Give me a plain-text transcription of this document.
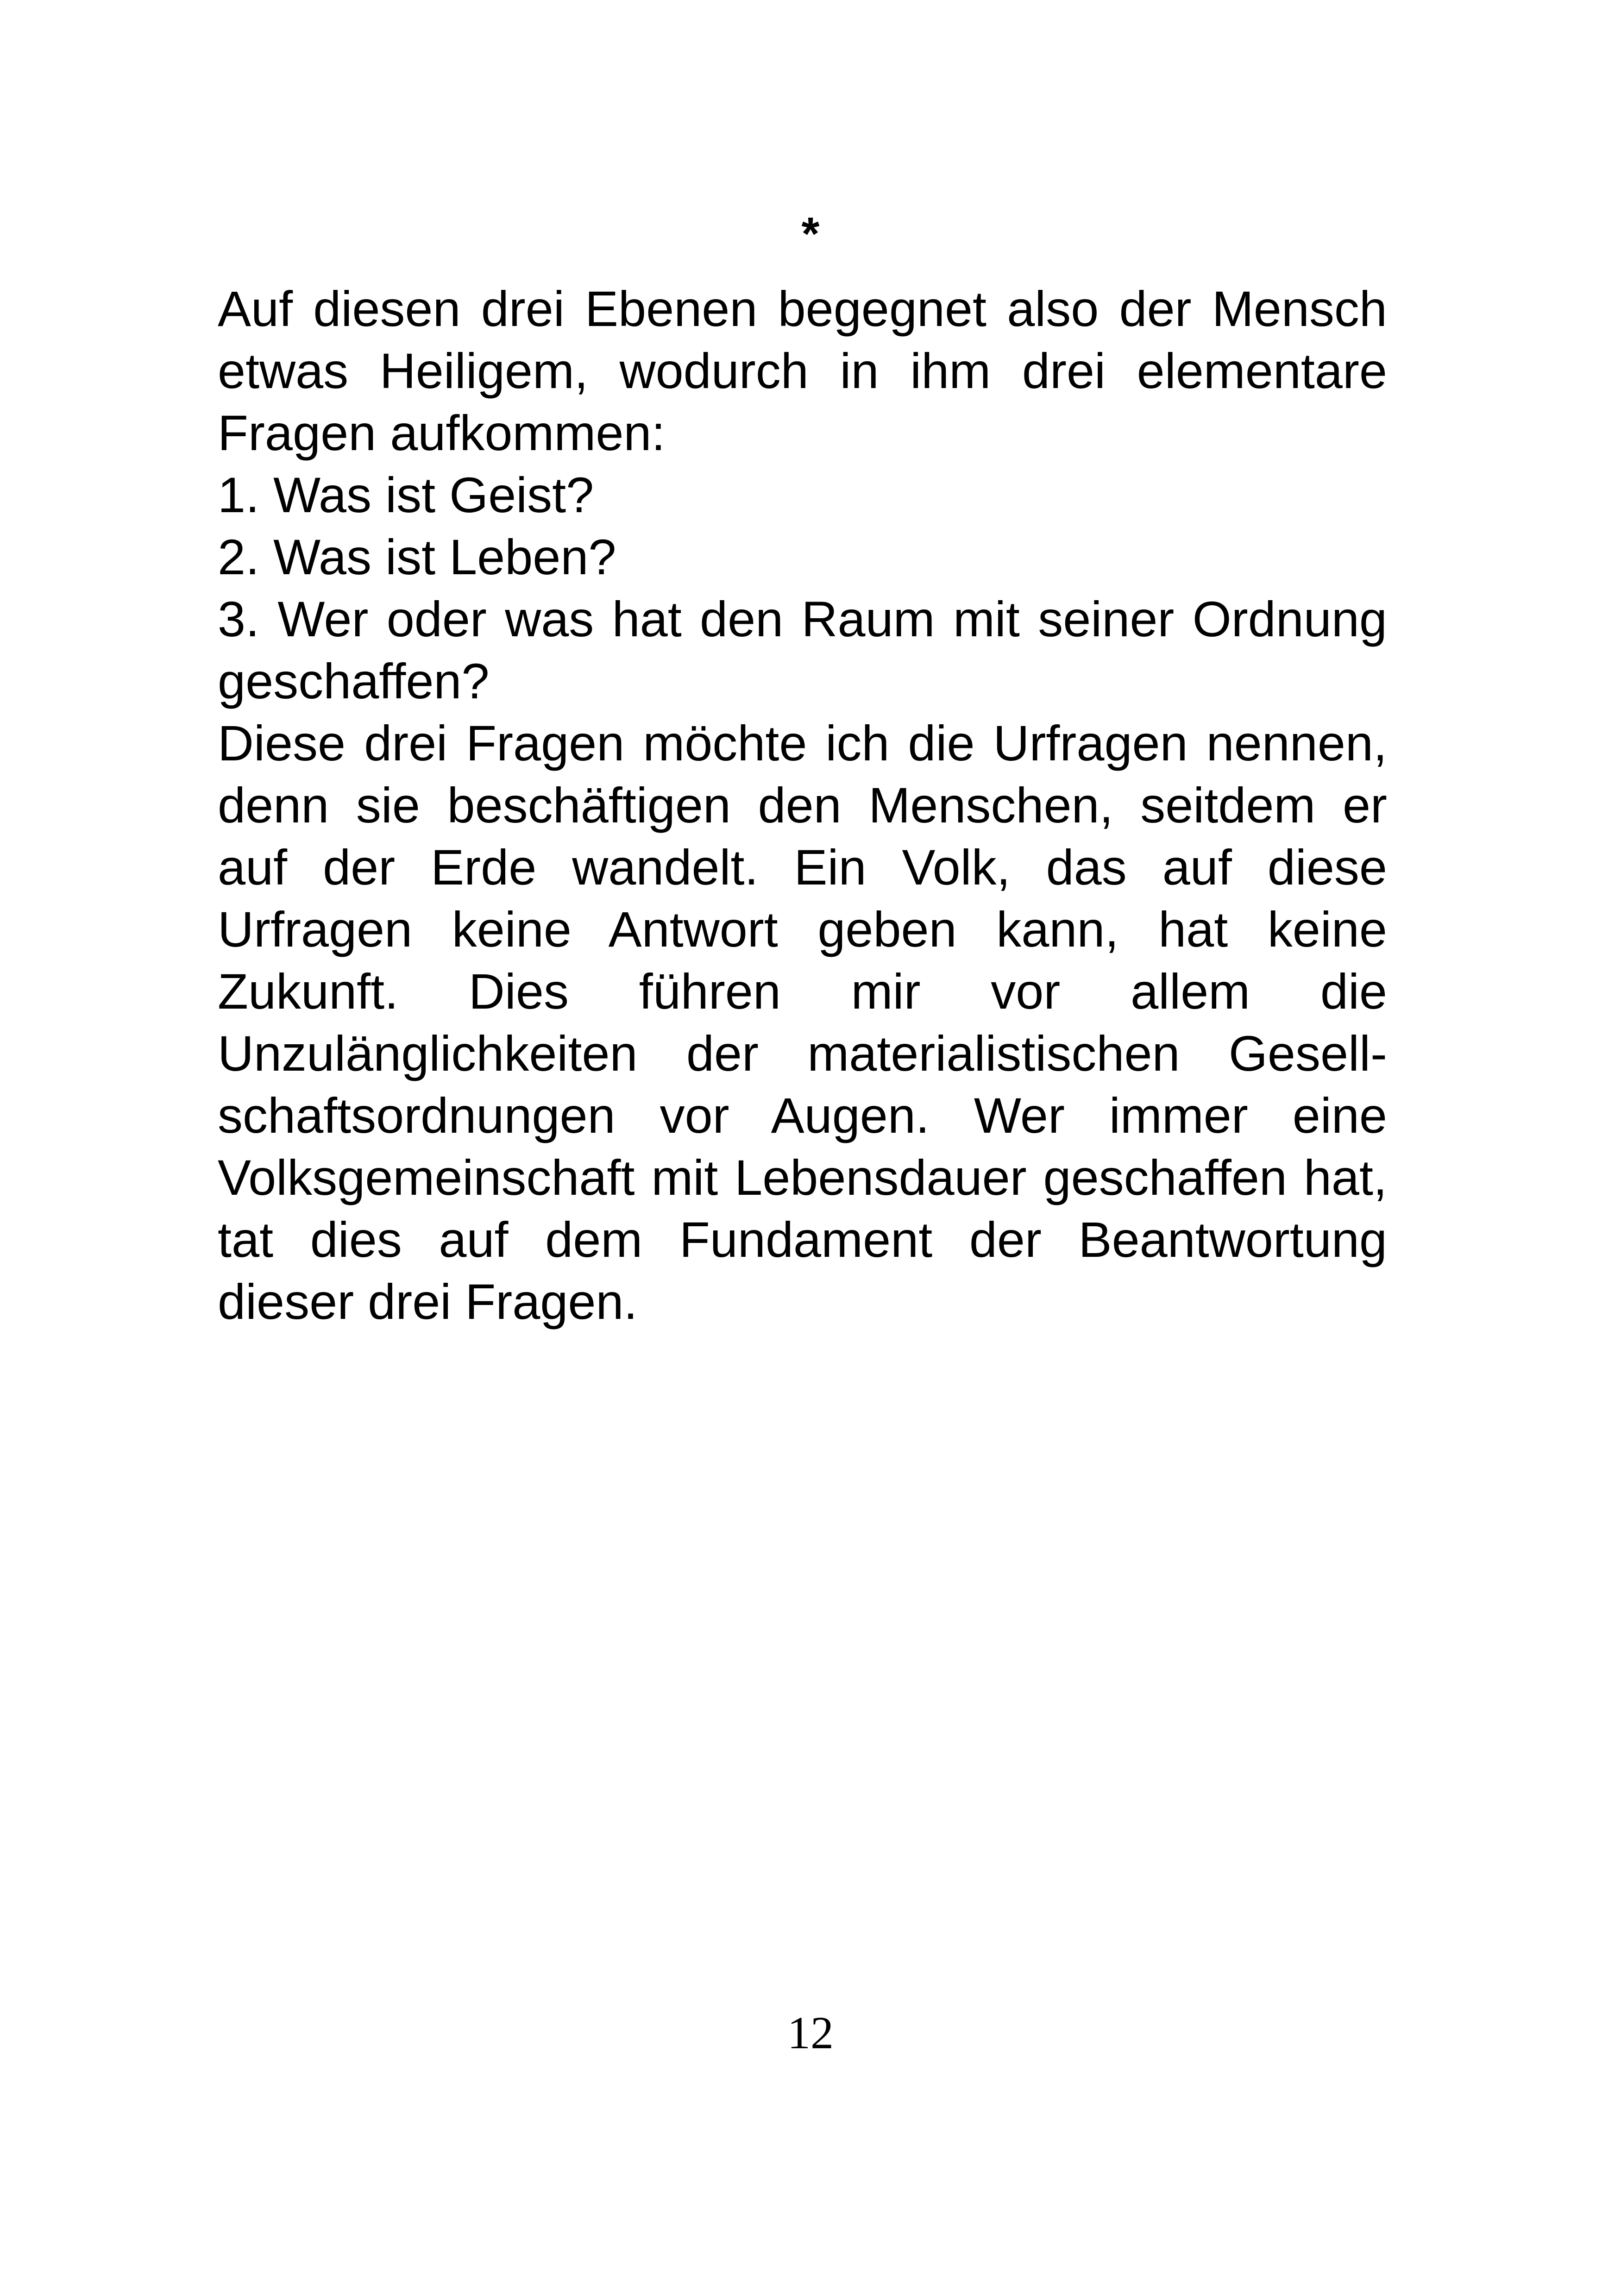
*

Auf diesen drei Ebenen begegnet also der Mensch etwas Heiligem, wodurch in ihm drei elementare Fragen aufkommen:

1. Was ist Geist?

2. Was ist Leben?

3. Wer oder was hat den Raum mit seiner Ordnung geschaffen?

Diese drei Fragen möchte ich die Urfragen nennen, denn sie beschäftigen den Menschen, seitdem er auf der Erde wandelt. Ein Volk, das auf diese Urfragen keine Antwort geben kann, hat keine Zukunft. Dies führen mir vor allem die Unzulänglichkeiten der materialistischen Gesellschaftsordnungen vor Augen. Wer immer eine Volksgemeinschaft mit Lebensdauer geschaffen hat, tat dies auf dem Fundament der Beantwortung dieser drei Fragen.

12
